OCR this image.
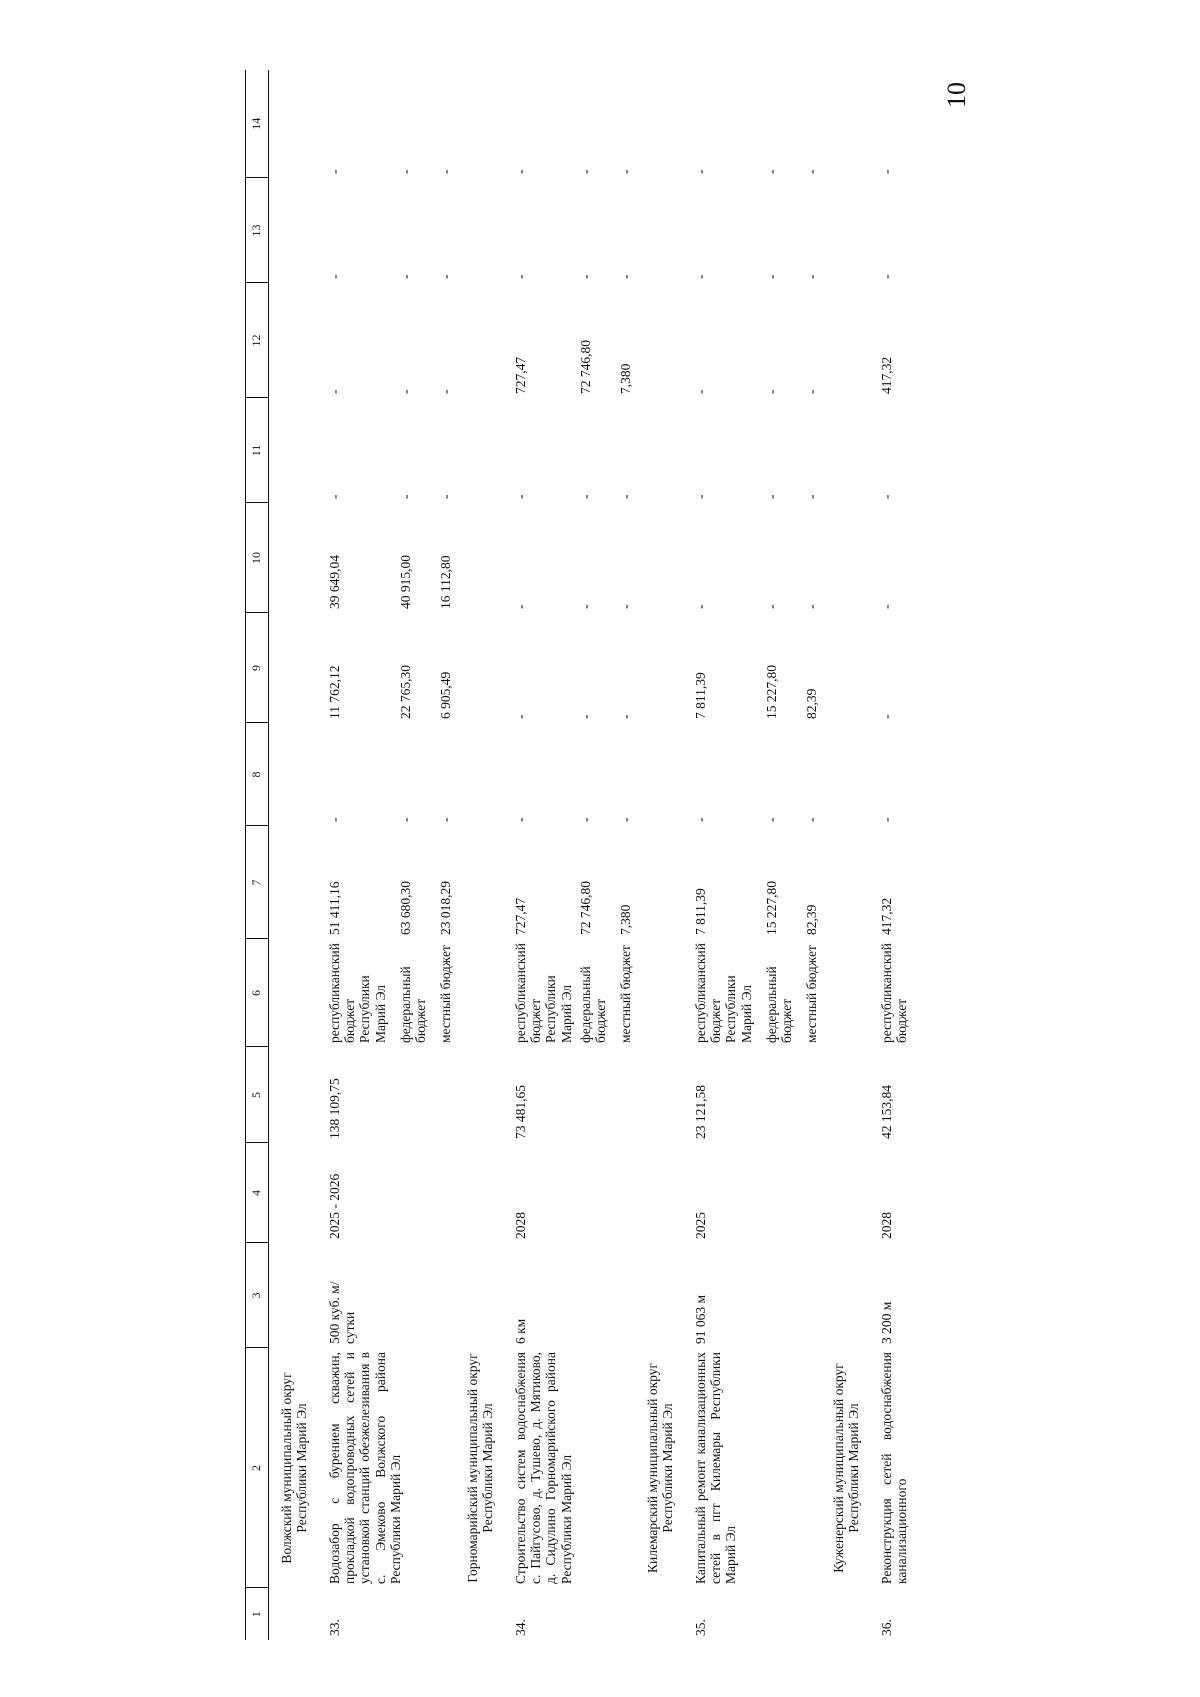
10
1	2	3	4	5	6	7	8	9	10	11	12	13	14
	Волжский муниципальный округ Республики Марий Эл												
33.	Водозабор с бурением скважин, прокладкой водопроводных сетей и установкой станций обезжелезивания в с. Эмеково Волжского района Республики Марий Эл	500 куб. м/ сутки	2025 - 2026	138 109,75	республиканский бюджет Республики Марий Эл	51 411,16	-	11 762,12	39 649,04	-	-	-	-
					федеральный бюджет	63 680,30	-	22 765,30	40 915,00	-	-	-	-
					местный бюджет	23 018,29	-	6 905,49	16 112,80	-	-	-	-
	Горномарийский муниципальный округ Республики Марий Эл												
34.	Строительство систем водоснабжения с. Пайгусово, д. Тушево, д. Мятиково, д. Сидулино Горномарийского района Республики Марий Эл	6 км	2028	73 481,65	республиканский бюджет Республики Марий Эл	727,47	-	-	-	-	727,47	-	-
					федеральный бюджет	72 746,80	-	-	-	-	72 746,80	-	-
					местный бюджет	7,380	-	-	-	-	7,380	-	-
	Килемарский муниципальный округ Республики Марий Эл												
35.	Капитальный ремонт канализационных сетей в пгт Килемары Республики Марий Эл	91 063 м	2025	23 121,58	республиканский бюджет Республики Марий Эл	7 811,39	-	7 811,39	-	-	-	-	-
					федеральный бюджет	15 227,80	-	15 227,80	-	-	-	-	-
					местный бюджет	82,39	-	82,39	-	-	-	-	-
	Куженерский муниципальный округ Республики Марий Эл												
36.	Реконструкция сетей водоснабжения канализационного	3 200 м	2028	42 153,84	республиканский бюджет	417,32	-	-	-	-	417,32	-	-
